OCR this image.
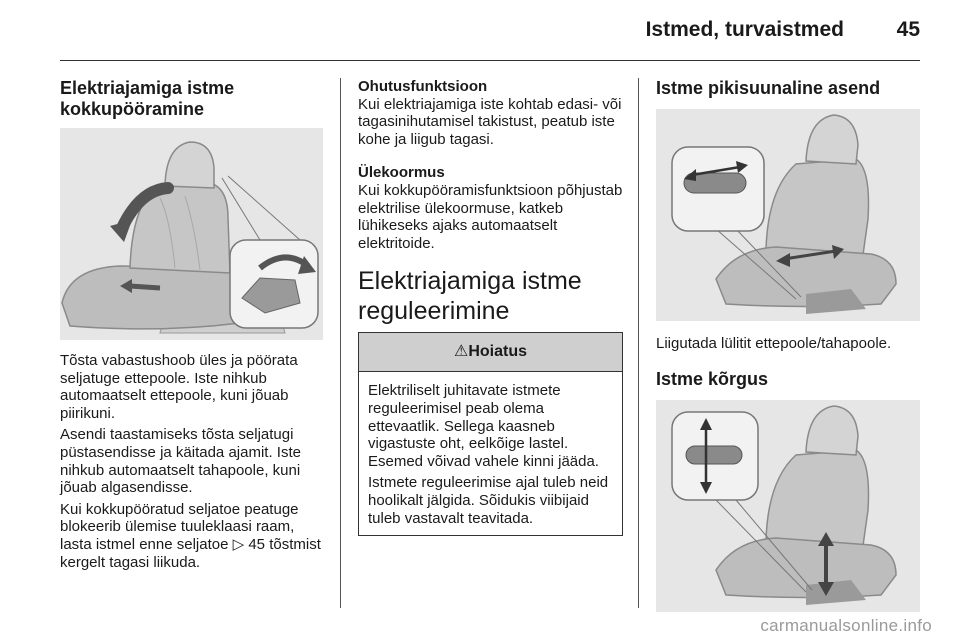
Istmed, turvaistmed	45
Elektriajamiga istme
kokkupööramine

Tõsta vabastushoob üles ja pöörata seljatuge ettepoole. Iste nihkub automaatselt ettepoole, kuni jõuab piirikuni.

Asendi taastamiseks tõsta seljatugi püstasendisse ja käitada ajamit. Iste nihkub automaatselt tahapoole, kuni jõuab algasendisse.

Kui kokkupööratud seljatoe peatuge blokeerib ülemise tuuleklaasi raam, lasta istmel enne seljatoe ▷ 45 tõstmist kergelt tagasi liikuda.

Ohutusfunktsioon

Kui elektriajamiga iste kohtab edasi- või tagasinihutamisel takistust, peatub iste kohe ja liigub tagasi.

Ülekoormus

Kui kokkupööramisfunktsioon põhjustab elektrilise ülekoormuse, katkeb lühikeseks ajaks automaatselt elektritoide.

Elektriajamiga istme
reguleerimine
⚠Hoiatus

Elektriliselt juhitavate istmete reguleerimisel peab olema ettevaatlik. Sellega kaasneb vigastuste oht, eelkõige lastel. Esemed võivad vahele kinni jääda.

Istmete reguleerimise ajal tuleb neid hoolikalt jälgida. Sõidukis viibijaid tuleb vastavalt teavitada.

Istme pikisuunaline asend

Liigutada lülitit ettepoole/tahapoole.

Istme kõrgus
carmanualsonline.info
